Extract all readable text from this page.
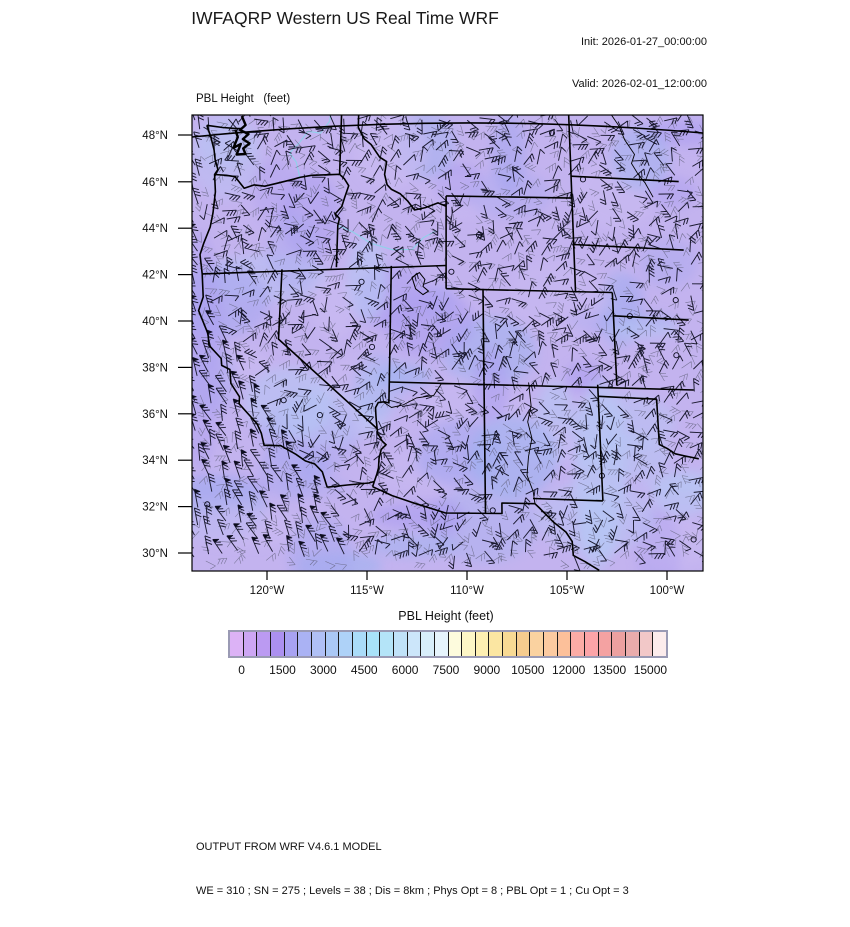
IWFAQRP Western US Real Time WRF

Init: 2026-01-27_00:00:00

Valid: 2026-02-01_12:00:00

PBL Height   (feet)

48°N
46°N
44°N
42°N
40°N
38°N
36°N
34°N
32°N
30°N
120°W	115°W	110°W	105°W	100°W
PBL Height (feet)
0 1500 3000 4500 6000 7500 9000 10500 12000 13500 15000

OUTPUT FROM WRF V4.6.1 MODEL

WE = 310 ; SN = 275 ; Levels = 38 ; Dis = 8km ; Phys Opt = 8 ; PBL Opt = 1 ; Cu Opt = 3
